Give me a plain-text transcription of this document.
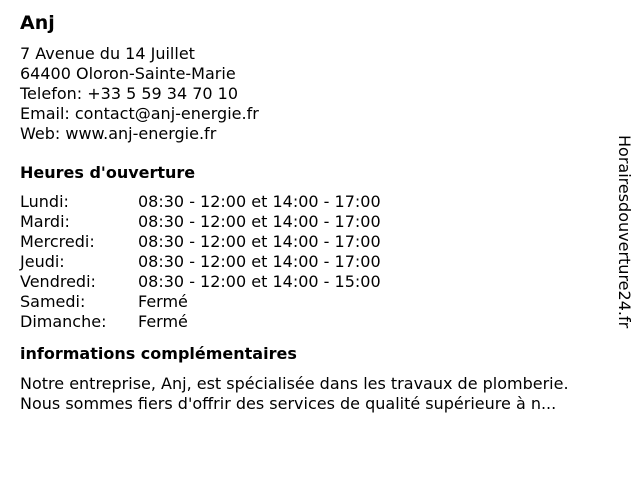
Anj
7 Avenue du 14 Juillet
64400 Oloron-Sainte-Marie
Telefon: +33 5 59 34 70 10
Email: contact@anj-energie.fr
Web: www.anj-energie.fr
Heures d'ouverture
Lundi:	08:30 - 12:00 et 14:00 - 17:00
Mardi:	08:30 - 12:00 et 14:00 - 17:00
Mercredi:	08:30 - 12:00 et 14:00 - 17:00
Jeudi:	08:30 - 12:00 et 14:00 - 17:00
Vendredi:	08:30 - 12:00 et 14:00 - 15:00
Samedi:	Fermé
Dimanche:	Fermé
informations complémentaires
Notre entreprise, Anj, est spécialisée dans les travaux de plomberie.
Nous sommes fiers d'offrir des services de qualité supérieure à n...
Horairesdouverture24.fr
